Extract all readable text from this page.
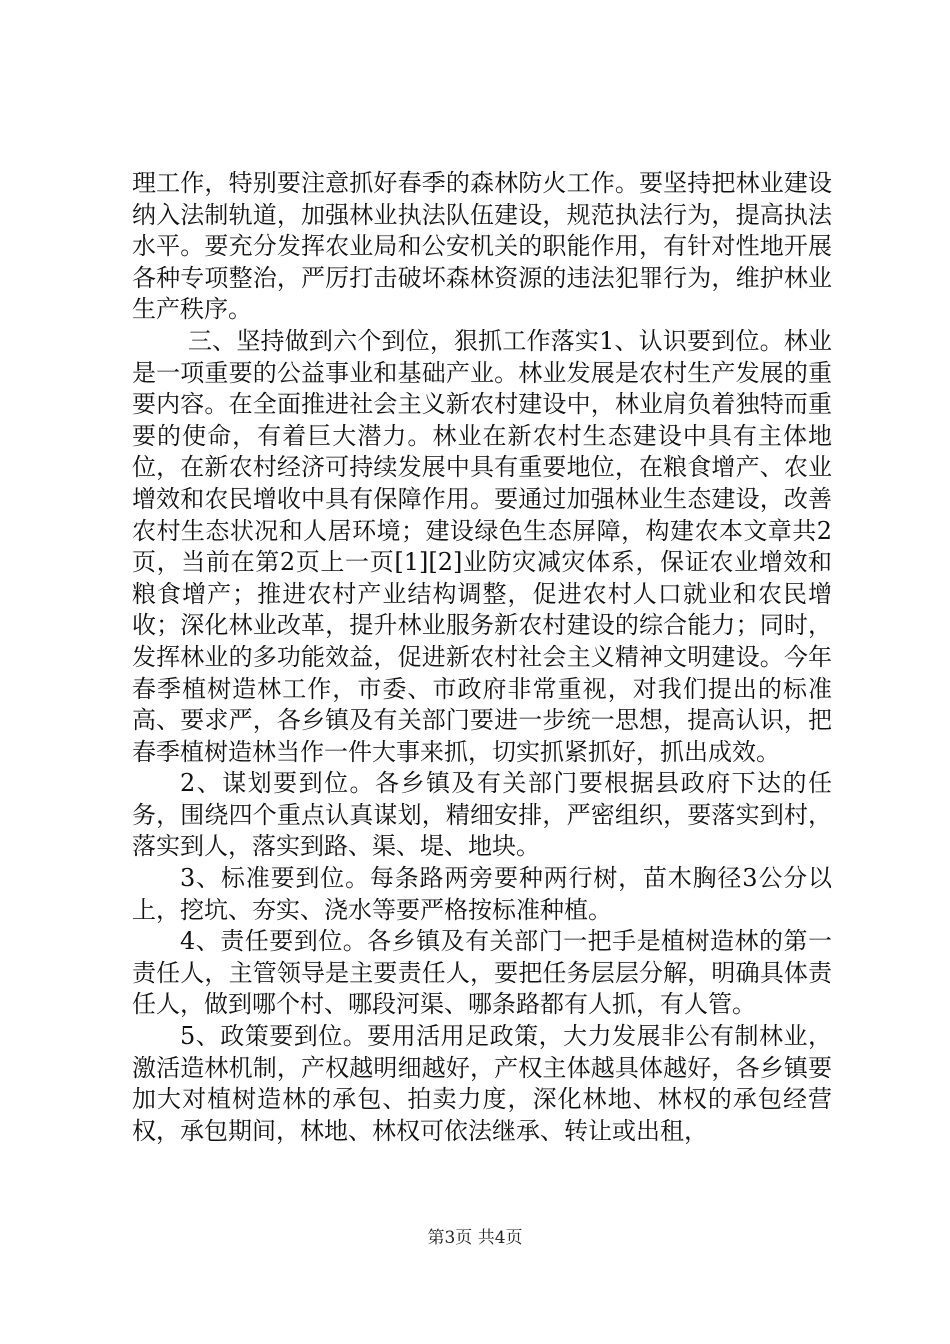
理工作，特别要注意抓好春季的森林防火工作。要坚持把林业建设纳入法制轨道，加强林业执法队伍建设，规范执法行为，提高执法水平。要充分发挥农业局和公安机关的职能作用，有针对性地开展各种专项整治，严厉打击破坏森林资源的违法犯罪行为，维护林业生产秩序。

三、坚持做到六个到位，狠抓工作落实1、认识要到位。林业是一项重要的公益事业和基础产业。林业发展是农村生产发展的重要内容。在全面推进社会主义新农村建设中，林业肩负着独特而重要的使命，有着巨大潜力。林业在新农村生态建设中具有主体地位，在新农村经济可持续发展中具有重要地位，在粮食增产、农业增效和农民增收中具有保障作用。要通过加强林业生态建设，改善农村生态状况和人居环境；建设绿色生态屏障，构建农本文章共2页，当前在第2页上一页[1][2]业防灾减灾体系，保证农业增效和粮食增产；推进农村产业结构调整，促进农村人口就业和农民增收；深化林业改革，提升林业服务新农村建设的综合能力；同时，发挥林业的多功能效益，促进新农村社会主义精神文明建设。今年春季植树造林工作，市委、市政府非常重视，对我们提出的标准高、要求严，各乡镇及有关部门要进一步统一思想，提高认识，把春季植树造林当作一件大事来抓，切实抓紧抓好，抓出成效。

2、谋划要到位。各乡镇及有关部门要根据县政府下达的任务，围绕四个重点认真谋划，精细安排，严密组织，要落实到村，落实到人，落实到路、渠、堤、地块。

3、标准要到位。每条路两旁要种两行树，苗木胸径3公分以上，挖坑、夯实、浇水等要严格按标准种植。

4、责任要到位。各乡镇及有关部门一把手是植树造林的第一责任人，主管领导是主要责任人，要把任务层层分解，明确具体责任人，做到哪个村、哪段河渠、哪条路都有人抓，有人管。

5、政策要到位。要用活用足政策，大力发展非公有制林业，激活造林机制，产权越明细越好，产权主体越具体越好，各乡镇要加大对植树造林的承包、拍卖力度，深化林地、林权的承包经营权，承包期间，林地、林权可依法继承、转让或出租，

第3页 共4页
